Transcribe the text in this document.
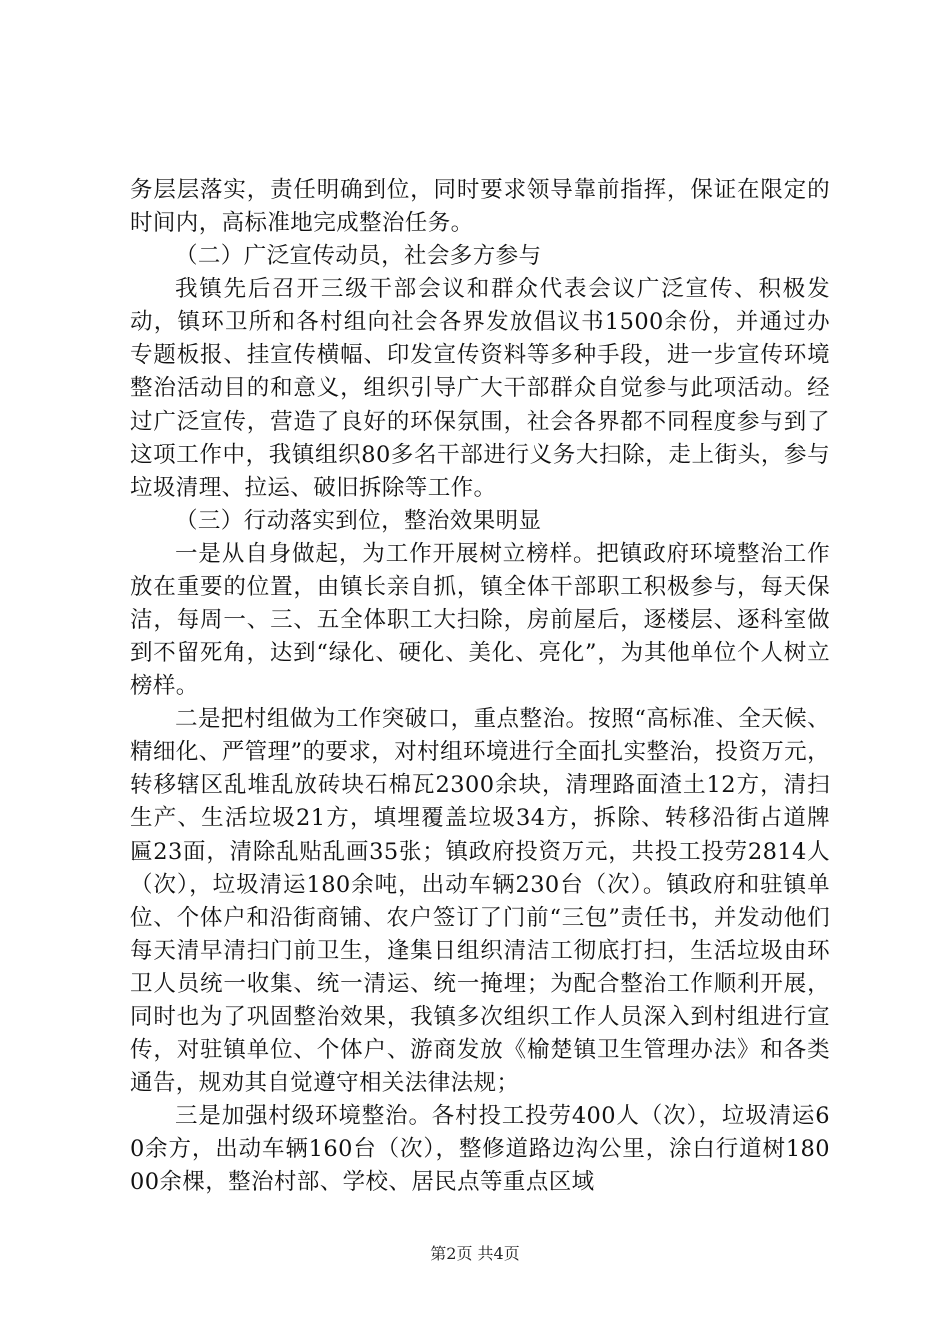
务层层落实，责任明确到位，同时要求领导靠前指挥，保证在限定的时间内，高标准地完成整治任务。

（二）广泛宣传动员，社会多方参与

我镇先后召开三级干部会议和群众代表会议广泛宣传、积极发动，镇环卫所和各村组向社会各界发放倡议书1500余份，并通过办专题板报、挂宣传横幅、印发宣传资料等多种手段，进一步宣传环境整治活动目的和意义，组织引导广大干部群众自觉参与此项活动。经过广泛宣传，营造了良好的环保氛围，社会各界都不同程度参与到了这项工作中，我镇组织80多名干部进行义务大扫除，走上街头，参与垃圾清理、拉运、破旧拆除等工作。

（三）行动落实到位，整治效果明显

一是从自身做起，为工作开展树立榜样。把镇政府环境整治工作放在重要的位置，由镇长亲自抓，镇全体干部职工积极参与，每天保洁，每周一、三、五全体职工大扫除，房前屋后，逐楼层、逐科室做到不留死角，达到“绿化、硬化、美化、亮化”，为其他单位个人树立榜样。

二是把村组做为工作突破口，重点整治。按照“高标准、全天候、精细化、严管理”的要求，对村组环境进行全面扎实整治，投资万元，转移辖区乱堆乱放砖块石棉瓦2300余块，清理路面渣土12方，清扫生产、生活垃圾21方，填埋覆盖垃圾34方，拆除、转移沿街占道牌匾23面，清除乱贴乱画35张；镇政府投资万元，共投工投劳2814人（次），垃圾清运180余吨，出动车辆230台（次）。镇政府和驻镇单位、个体户和沿街商铺、农户签订了门前“三包”责任书，并发动他们每天清早清扫门前卫生，逢集日组织清洁工彻底打扫，生活垃圾由环卫人员统一收集、统一清运、统一掩埋；为配合整治工作顺利开展，同时也为了巩固整治效果，我镇多次组织工作人员深入到村组进行宣传，对驻镇单位、个体户、游商发放《榆楚镇卫生管理办法》和各类通告，规劝其自觉遵守相关法律法规；

三是加强村级环境整治。各村投工投劳400人（次），垃圾清运60余方，出动车辆160台（次），整修道路边沟公里，涂白行道树18000余棵，整治村部、学校、居民点等重点区域

第2页 共4页
